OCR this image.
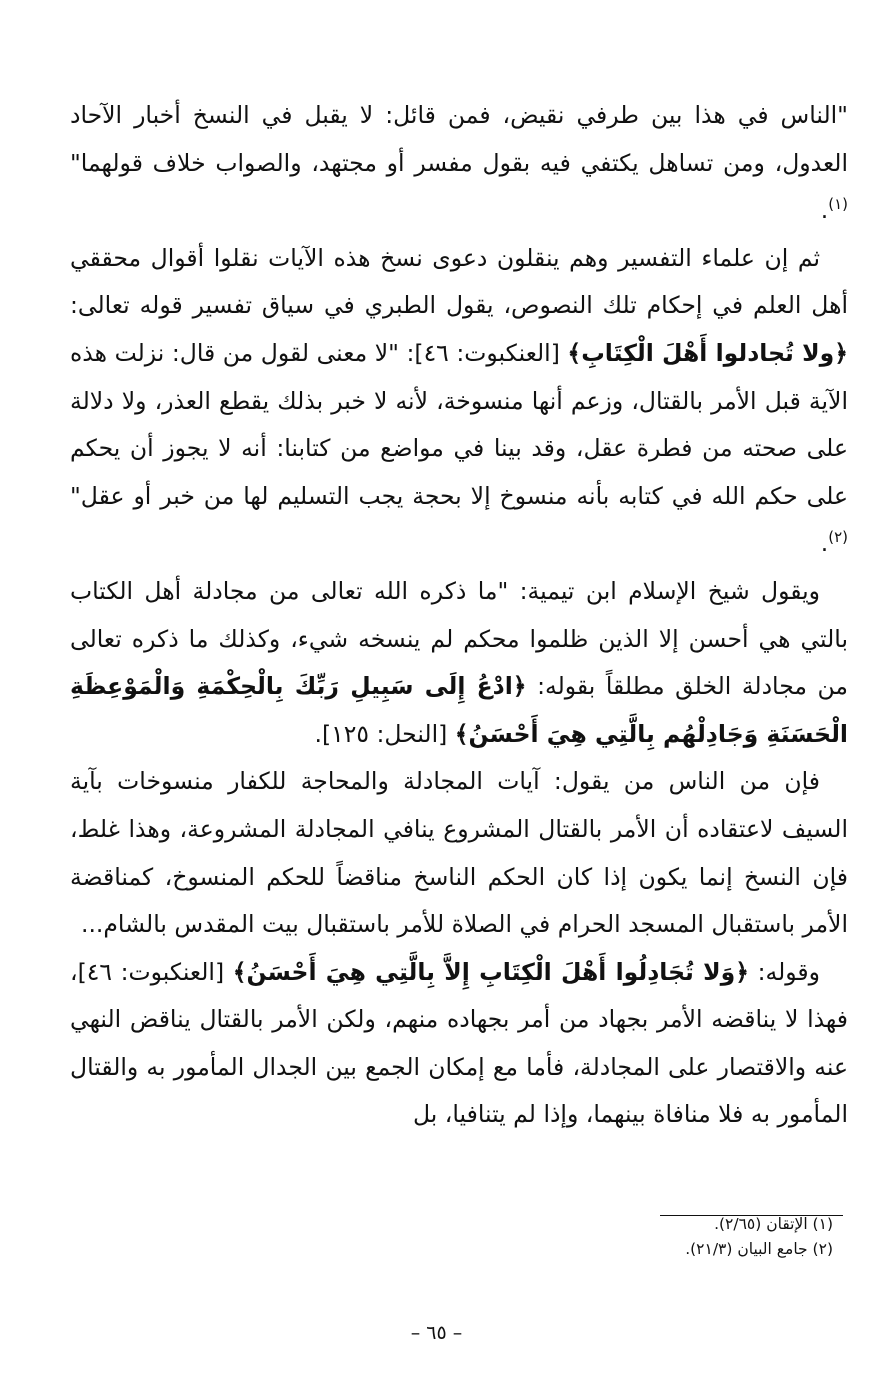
"الناس في هذا بين طرفي نقيض، فمن قائل: لا يقبل في النسخ أخبار الآحاد العدول، ومن تساهل يكتفي فيه بقول مفسر أو مجتهد، والصواب خلاف قولهما"$^{(١)}$.

ثم إن علماء التفسير وهم ينقلون دعوى نسخ هذه الآيات نقلوا أقوال محققي أهل العلم في إحكام تلك النصوص، يقول الطبري في سياق تفسير قوله تعالى: ﴿ولا تُجادلوا أَهْلَ الْكِتَابِ﴾ [العنكبوت: ٤٦]: "لا معنى لقول من قال: نزلت هذه الآية قبل الأمر بالقتال، وزعم أنها منسوخة، لأنه لا خبر بذلك يقطع العذر، ولا دلالة على صحته من فطرة عقل، وقد بينا في مواضع من كتابنا: أنه لا يجوز أن يحكم على حكم الله في كتابه بأنه منسوخ إلا بحجة يجب التسليم لها من خبر أو عقل"$^{(٢)}$.

ويقول شيخ الإسلام ابن تيمية: "ما ذكره الله تعالى من مجادلة أهل الكتاب بالتي هي أحسن إلا الذين ظلموا محكم لم ينسخه شيء، وكذلك ما ذكره تعالى من مجادلة الخلق مطلقاً بقوله: ﴿ادْعُ إِلَى سَبِيلِ رَبِّكَ بِالْحِكْمَةِ وَالْمَوْعِظَةِ الْحَسَنَةِ وَجَادِلْهُم بِالَّتِي هِيَ أَحْسَنُ﴾ [النحل: ١٢٥].

فإن من الناس من يقول: آيات المجادلة والمحاجة للكفار منسوخات بآية السيف لاعتقاده أن الأمر بالقتال المشروع ينافي المجادلة المشروعة، وهذا غلط، فإن النسخ إنما يكون إذا كان الحكم الناسخ مناقضاً للحكم المنسوخ، كمناقضة الأمر باستقبال المسجد الحرام في الصلاة للأمر باستقبال بيت المقدس بالشام...

وقوله: ﴿وَلا تُجَادِلُوا أَهْلَ الْكِتَابِ إِلاَّ بِالَّتِي هِيَ أَحْسَنُ﴾ [العنكبوت: ٤٦]، فهذا لا يناقضه الأمر بجهاد من أمر بجهاده منهم، ولكن الأمر بالقتال يناقض النهي عنه والاقتصار على المجادلة، فأما مع إمكان الجمع بين الجدال المأمور به والقتال المأمور به فلا منافاة بينهما، وإذا لم يتنافيا، بل

(١) الإتقان (٢/٦٥).

(٢) جامع البيان (٢١/٣).

– ٦٥ –
